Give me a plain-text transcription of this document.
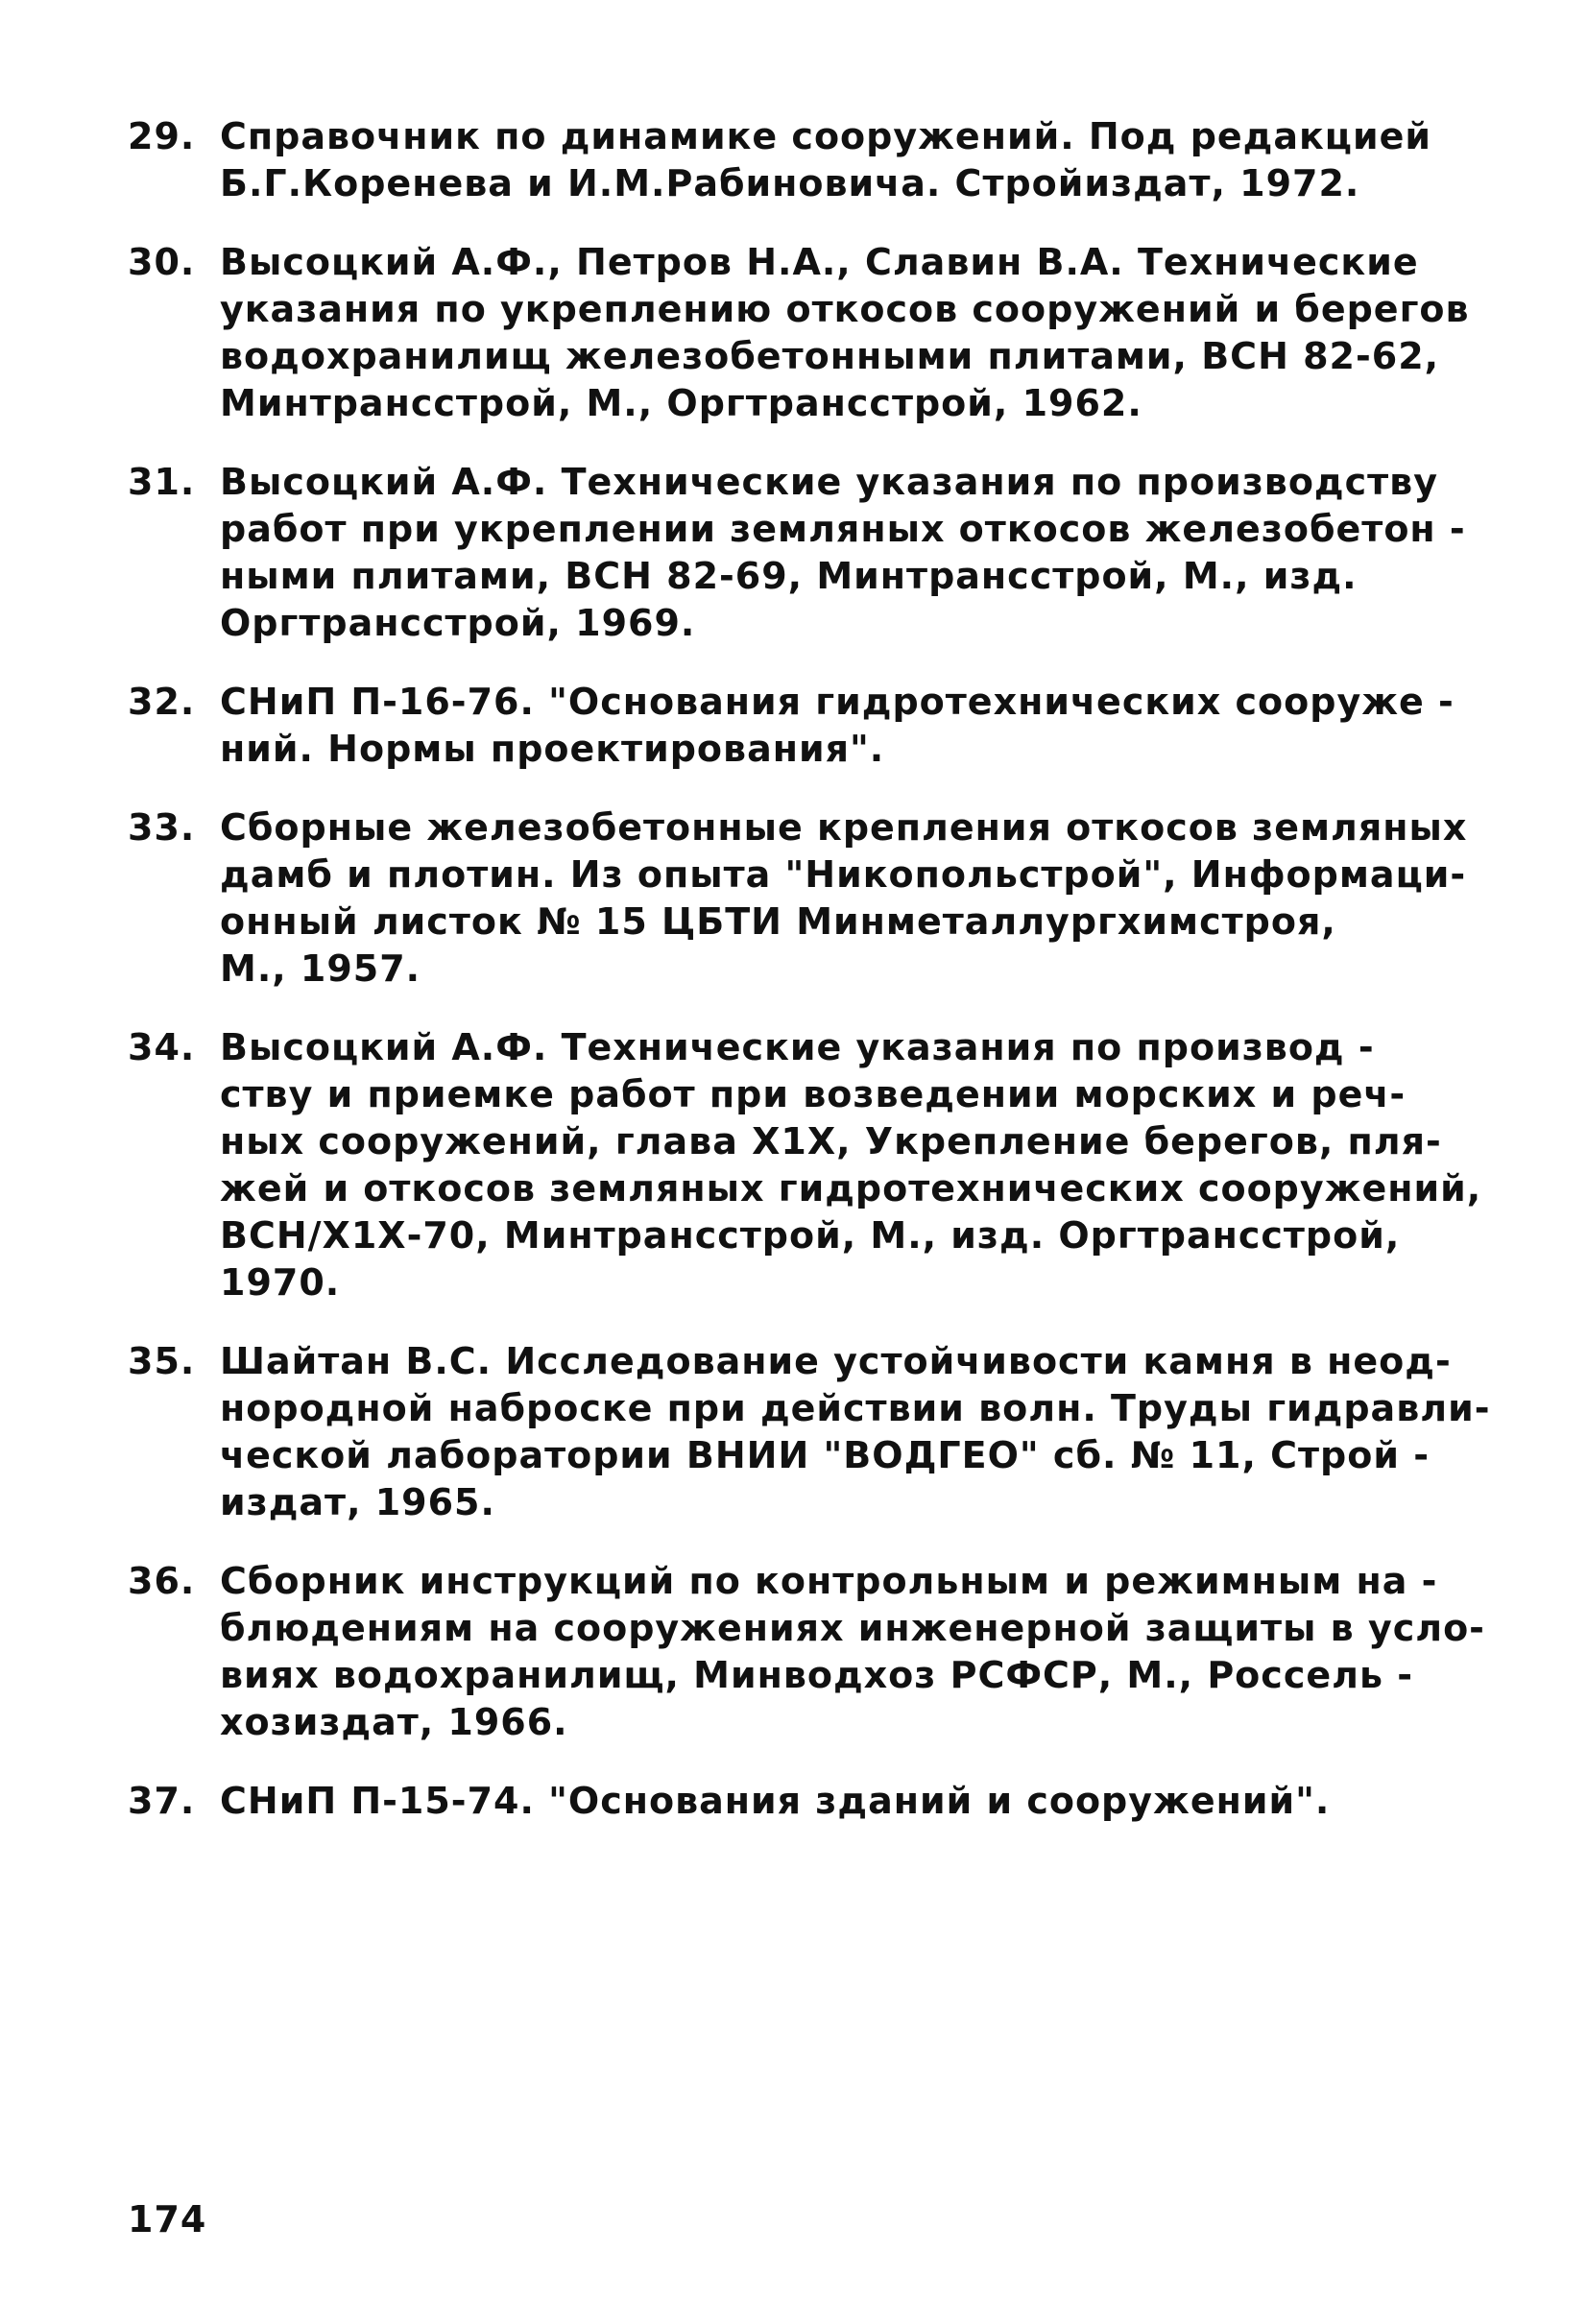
29. Справочник по динамике сооружений. Под редакцией
Б.Г.Коренева и И.М.Рабиновича. Стройиздат, 1972.
30. Высоцкий А.Ф., Петров Н.А., Славин В.А. Технические
указания по укреплению откосов сооружений и берегов
водохранилищ железобетонными плитами, ВСН 82-62,
Минтрансстрой, М., Оргтрансстрой, 1962.
31. Высоцкий А.Ф. Технические указания по производству
работ при укреплении земляных откосов железобетон -
ными плитами, ВСН 82-69, Минтрансстрой, М., изд.
Оргтрансстрой, 1969.
32. СНиП П-16-76. "Основания гидротехнических сооруже -
ний. Нормы проектирования".
33. Сборные железобетонные крепления откосов земляных
дамб и плотин. Из опыта "Никопольстрой", Информаци-
онный листок № 15 ЦБТИ Минметаллургхимстроя,
М., 1957.
34. Высоцкий А.Ф. Технические указания по производ -
ству и приемке работ при возведении морских и реч-
ных сооружений, глава Х1Х, Укрепление берегов, пля-
жей и откосов земляных гидротехнических сооружений,
ВСН/Х1Х-70, Минтрансстрой, М., изд. Оргтрансстрой,
1970.
35. Шайтан В.С. Исследование устойчивости камня в неод-
нородной наброске при действии волн. Труды гидравли-
ческой лаборатории ВНИИ "ВОДГЕО" сб. № 11, Строй -
издат, 1965.
36. Сборник инструкций по контрольным и режимным на -
блюдениям на сооружениях инженерной защиты в усло-
виях водохранилищ, Минводхоз РСФСР, М., Россель -
хозиздат, 1966.
37. СНиП П-15-74. "Основания зданий и сооружений".
174
